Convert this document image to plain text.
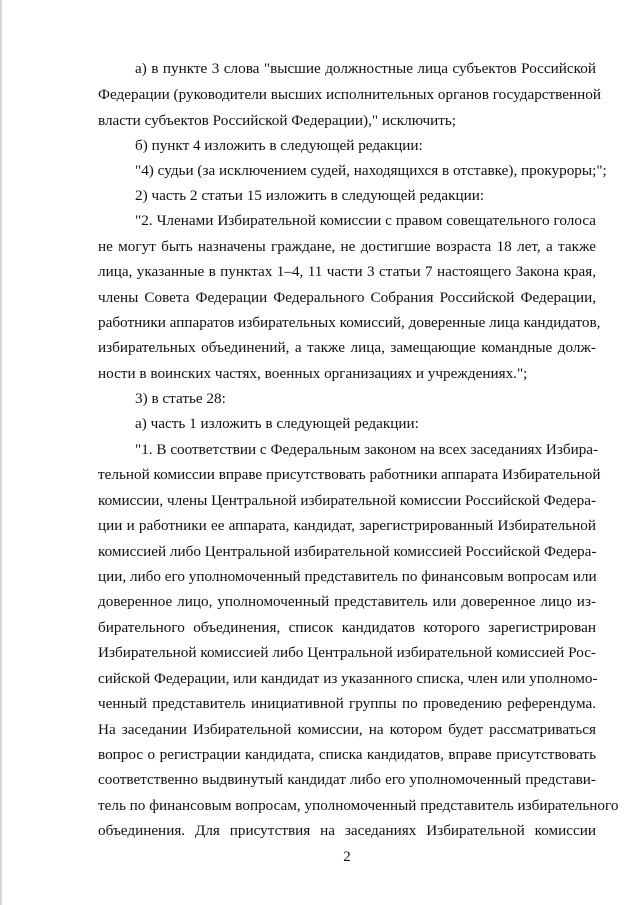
а) в пункте 3 слова "высшие должностные лица субъектов Российской
Федерации (руководители высших исполнительных органов государственной
власти субъектов Российской Федерации)," исключить;
б) пункт 4 изложить в следующей редакции:
"4) судьи (за исключением судей, находящихся в отставке), прокуроры;";
2) часть 2 статьи 15 изложить в следующей редакции:
"2. Членами Избирательной комиссии с правом совещательного голоса
не могут быть назначены граждане, не достигшие возраста 18 лет, а также
лица, указанные в пунктах 1–4, 11 части 3 статьи 7 настоящего Закона края,
члены Совета Федерации Федерального Собрания Российской Федерации,
работники аппаратов избирательных комиссий, доверенные лица кандидатов,
избирательных объединений, а также лица, замещающие командные долж-
ности в воинских частях, военных организациях и учреждениях.";
3) в статье 28:
а) часть 1 изложить в следующей редакции:
"1. В соответствии с Федеральным законом на всех заседаниях Избира-
тельной комиссии вправе присутствовать работники аппарата Избирательной
комиссии, члены Центральной избирательной комиссии Российской Федера-
ции и работники ее аппарата, кандидат, зарегистрированный Избирательной
комиссией либо Центральной избирательной комиссией Российской Федера-
ции, либо его уполномоченный представитель по финансовым вопросам или
доверенное лицо, уполномоченный представитель или доверенное лицо из-
бирательного объединения, список кандидатов которого зарегистрирован
Избирательной комиссией либо Центральной избирательной комиссией Рос-
сийской Федерации, или кандидат из указанного списка, член или уполномо-
ченный представитель инициативной группы по проведению референдума.
На заседании Избирательной комиссии, на котором будет рассматриваться
вопрос о регистрации кандидата, списка кандидатов, вправе присутствовать
соответственно выдвинутый кандидат либо его уполномоченный представи-
тель по финансовым вопросам, уполномоченный представитель избирательного
объединения. Для присутствия на заседаниях Избирательной комиссии
2
